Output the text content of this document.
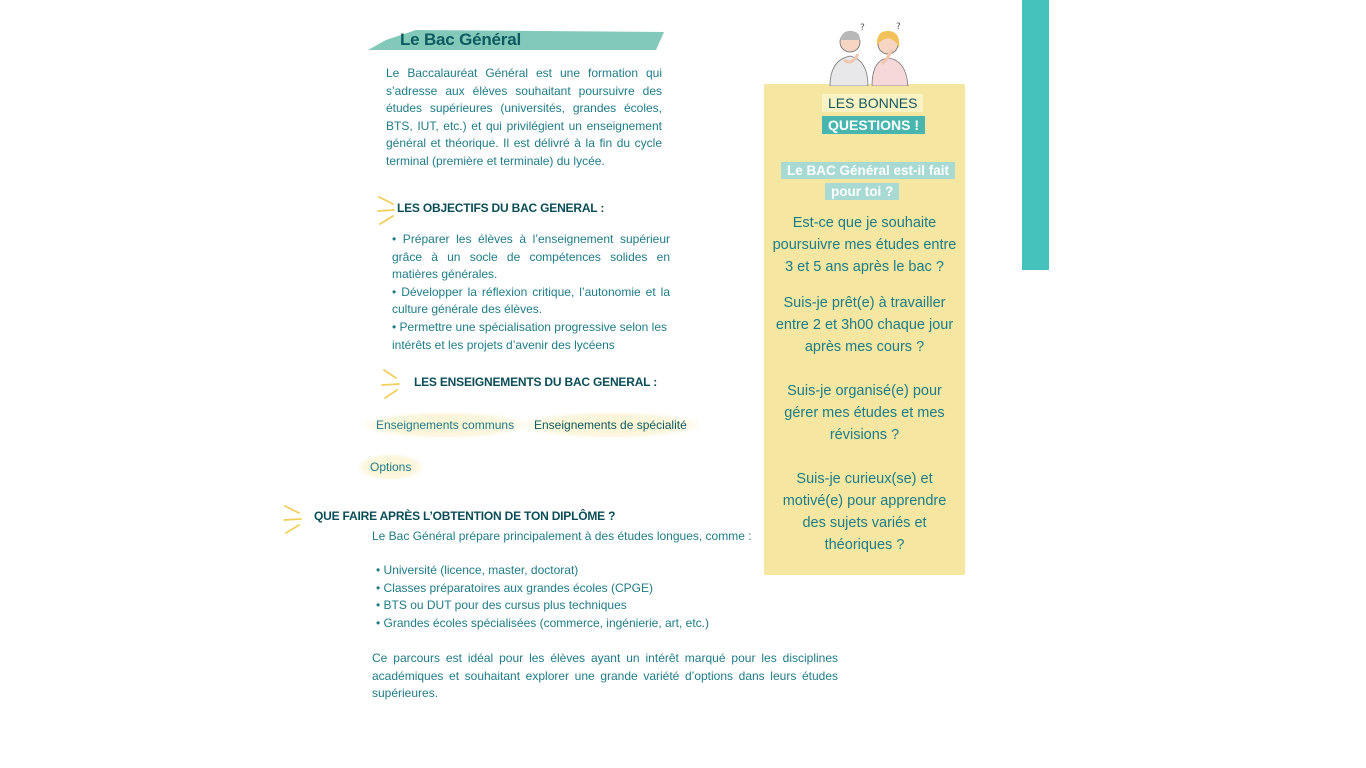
Le Bac Général
Le Baccalauréat Général est une formation qui s’adresse aux élèves souhaitant poursuivre des études supérieures (universités, grandes écoles, BTS, IUT, etc.) et qui privilégient un enseignement général et théorique. Il est délivré à la fin du cycle terminal (première et terminale) du lycée.
LES OBJECTIFS DU BAC GENERAL :

• Préparer les élèves à l’enseignement supérieur grâce à un socle de compétences solides en matières générales.

• Développer la réflexion critique, l’autonomie et la culture générale des élèves.

• Permettre une spécialisation progressive selon les intérêts et les projets d’avenir des lycéens

LES ENSEIGNEMENTS DU BAC GENERAL :
Enseignements communs	Enseignements de spécialité
Options
QUE FAIRE APRÈS L’OBTENTION DE TON DIPLÔME ?
Le Bac Général prépare principalement à des études longues, comme :

• Université (licence, master, doctorat)

• Classes préparatoires aux grandes écoles (CPGE)

• BTS ou DUT pour des cursus plus techniques

• Grandes écoles spécialisées (commerce, ingénierie, art, etc.)

Ce parcours est idéal pour les élèves ayant un intérêt marqué pour les disciplines académiques et souhaitant explorer une grande variété d’options dans leurs études supérieures.
?	?
LES BONNES
QUESTIONS !
Le BAC Général est-il fait
pour toi ?
Est-ce que je souhaite poursuivre mes études entre 3 et 5 ans après le bac ?
Suis-je prêt(e) à travailler entre 2 et 3h00 chaque jour après mes cours ?
Suis-je organisé(e) pour gérer mes études et mes révisions ?
Suis-je curieux(se) et motivé(e) pour apprendre des sujets variés et théoriques ?
